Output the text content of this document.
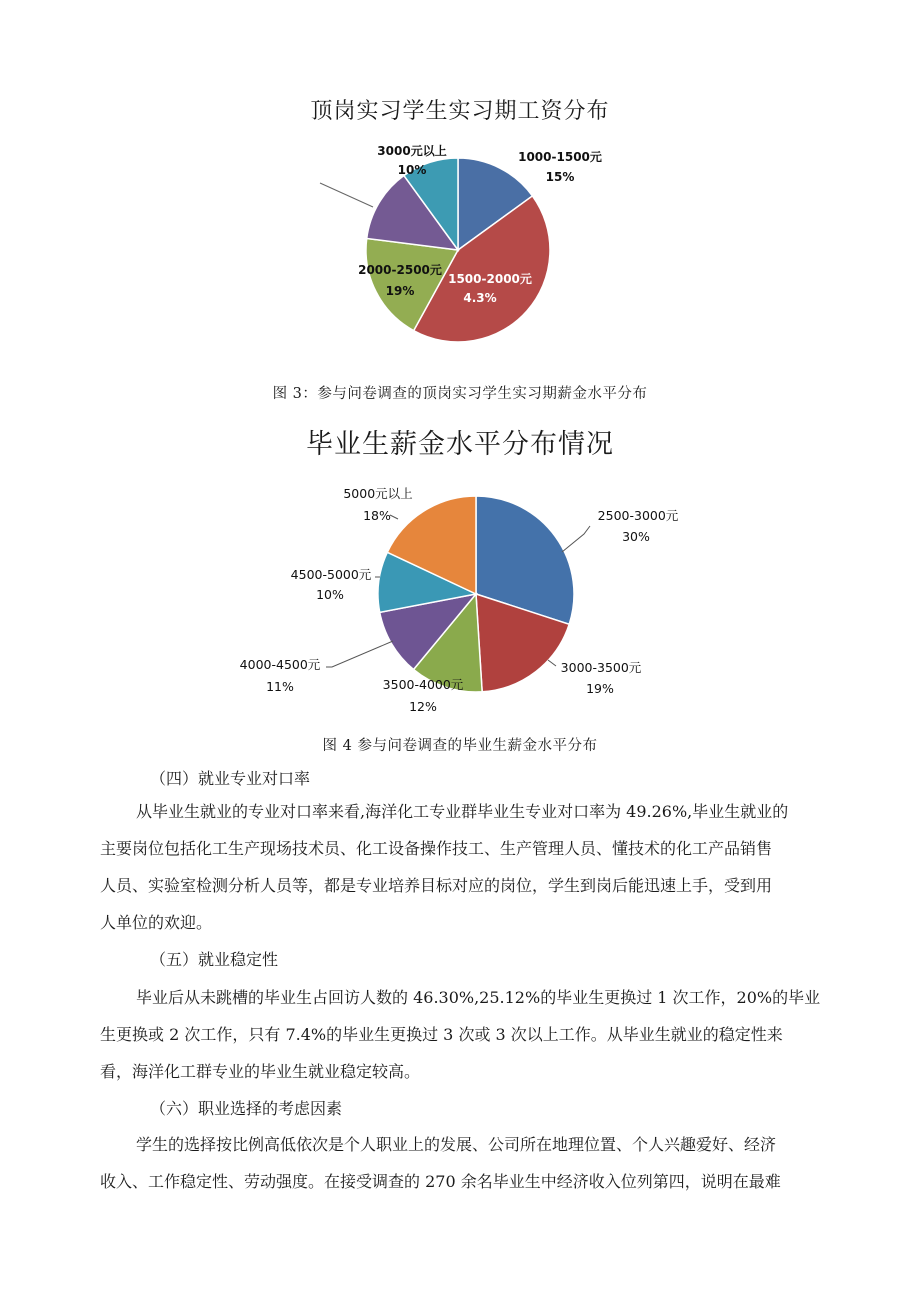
顶岗实习学生实习期工资分布
3000元以上
10%
1000-1500元
15%
2000-2500元
19%
1500-2000元
4.3%
图 3：参与问卷调查的顶岗实习学生实习期薪金水平分布
毕业生薪金水平分布情况
2500-3000元
30%
3000-3500元
19%
3500-4000元
12%
4000-4500元
11%
4500-5000元
10%
5000元以上
18%
图 4 参与问卷调查的毕业生薪金水平分布
（四）就业专业对口率
从毕业生就业的专业对口率来看,海洋化工专业群毕业生专业对口率为 49.26%,毕业生就业的
主要岗位包括化工生产现场技术员、化工设备操作技工、生产管理人员、懂技术的化工产品销售
人员、实验室检测分析人员等，都是专业培养目标对应的岗位，学生到岗后能迅速上手，受到用
人单位的欢迎。
（五）就业稳定性
毕业后从未跳槽的毕业生占回访人数的 46.30%,25.12%的毕业生更换过 1 次工作，20%的毕业
生更换或 2 次工作，只有 7.4%的毕业生更换过 3 次或 3 次以上工作。从毕业生就业的稳定性来
看，海洋化工群专业的毕业生就业稳定较高。
（六）职业选择的考虑因素
学生的选择按比例高低依次是个人职业上的发展、公司所在地理位置、个人兴趣爱好、经济
收入、工作稳定性、劳动强度。在接受调查的 270 余名毕业生中经济收入位列第四，说明在最难
